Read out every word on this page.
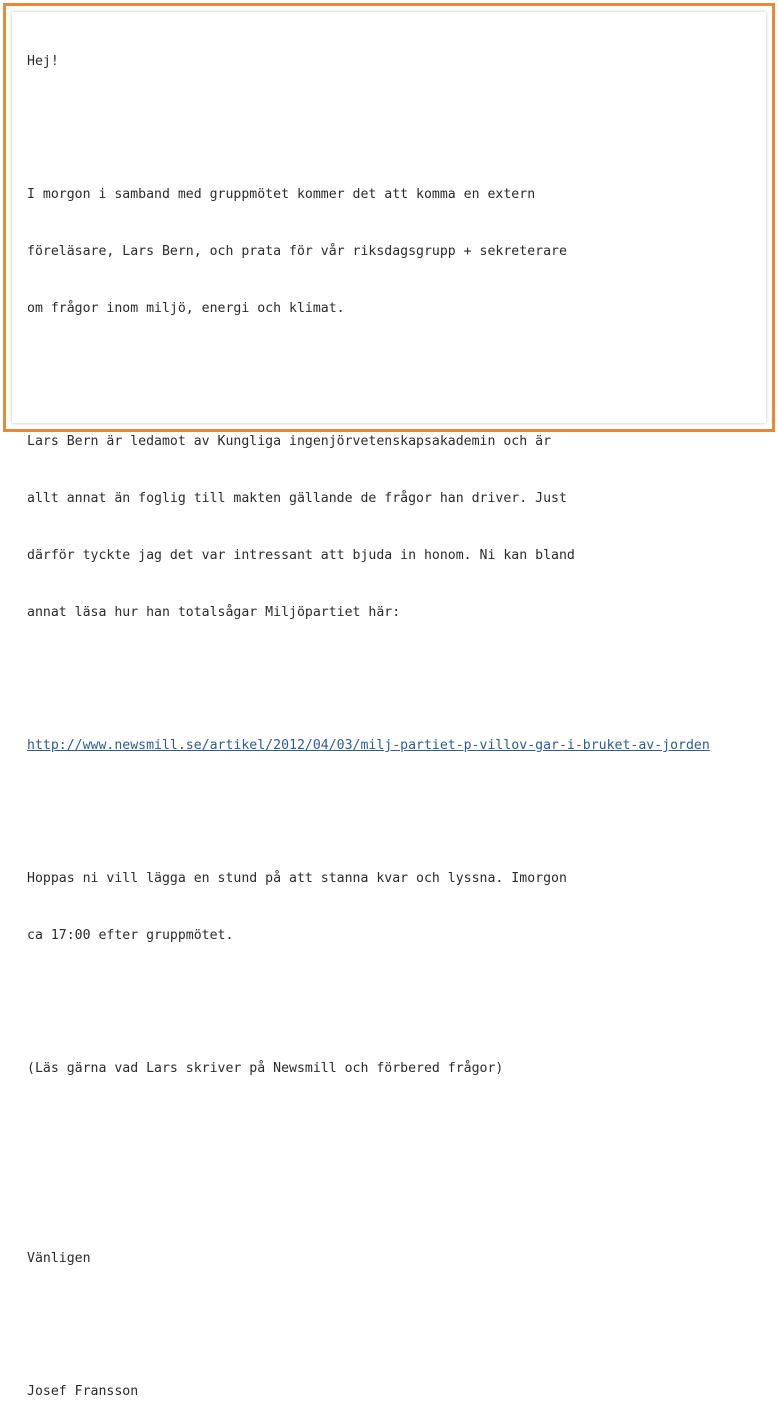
Hej!

I morgon i samband med gruppmötet kommer det att komma en extern

föreläsare, Lars Bern, och prata för vår riksdagsgrupp + sekreterare

om frågor inom miljö, energi och klimat.

Lars Bern är ledamot av Kungliga ingenjörvetenskapsakademin och är

allt annat än foglig till makten gällande de frågor han driver. Just

därför tyckte jag det var intressant att bjuda in honom. Ni kan bland

annat läsa hur han totalsågar Miljöpartiet här:

http://www.newsmill.se/artikel/2012/04/03/milj-partiet-p-villov-gar-i-bruket-av-jorden

Hoppas ni vill lägga en stund på att stanna kvar och lyssna. Imorgon

ca 17:00 efter gruppmötet.

(Läs gärna vad Lars skriver på Newsmill och förbered frågor)

Vänligen

Josef Fransson
